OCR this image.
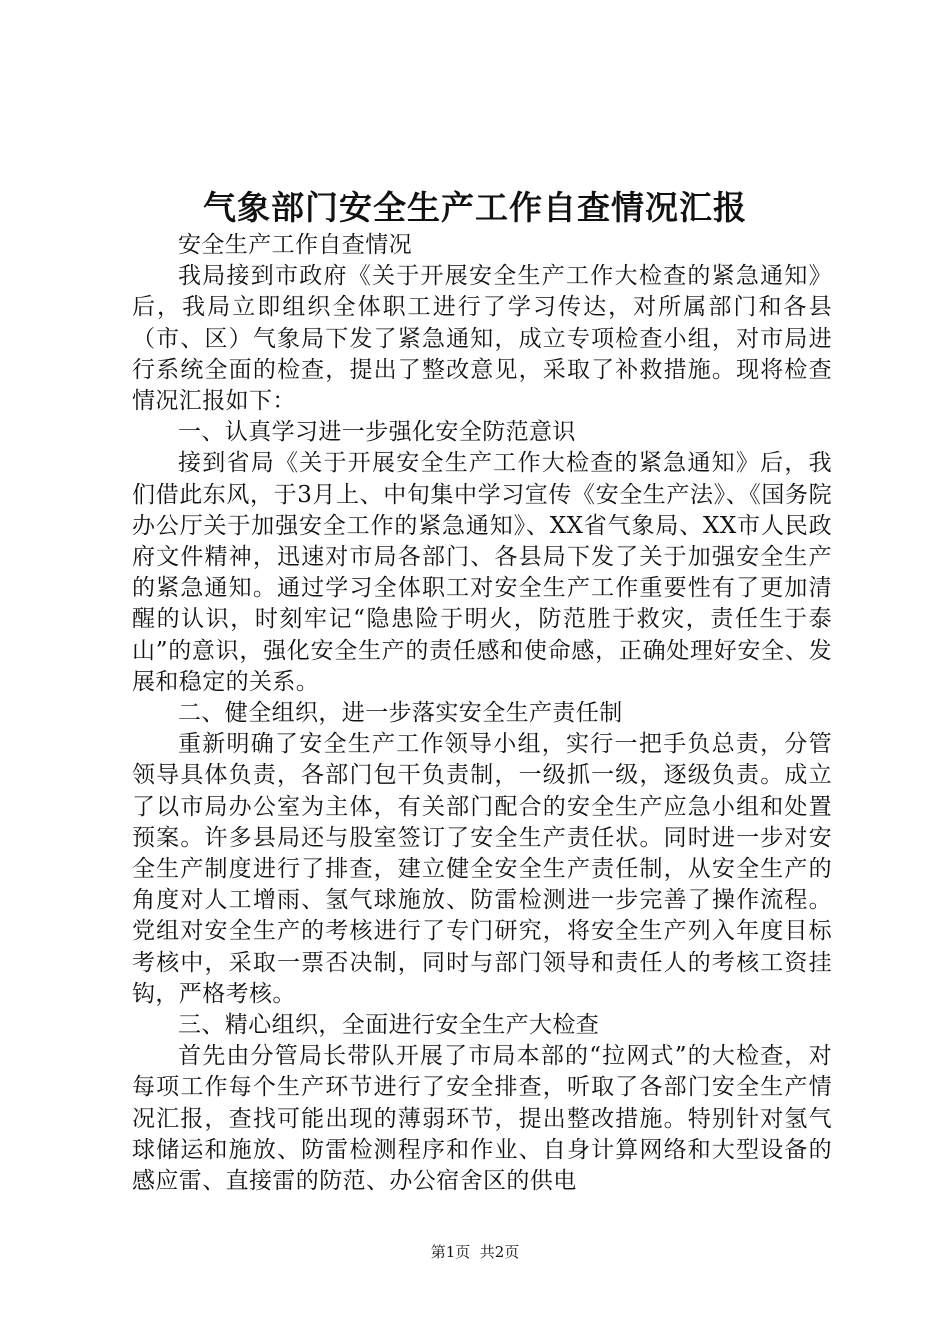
气象部门安全生产工作自查情况汇报

安全生产工作自查情况

我局接到市政府《关于开展安全生产工作大检查的紧急通知》后，我局立即组织全体职工进行了学习传达，对所属部门和各县（市、区）气象局下发了紧急通知，成立专项检查小组，对市局进行系统全面的检查，提出了整改意见，采取了补救措施。现将检查情况汇报如下：

一、认真学习进一步强化安全防范意识

接到省局《关于开展安全生产工作大检查的紧急通知》后，我们借此东风，于3月上、中旬集中学习宣传《安全生产法》、《国务院办公厅关于加强安全工作的紧急通知》、XX省气象局、XX市人民政府文件精神，迅速对市局各部门、各县局下发了关于加强安全生产的紧急通知。通过学习全体职工对安全生产工作重要性有了更加清醒的认识，时刻牢记“隐患险于明火，防范胜于救灾，责任生于泰山”的意识，强化安全生产的责任感和使命感，正确处理好安全、发展和稳定的关系。

二、健全组织，进一步落实安全生产责任制

重新明确了安全生产工作领导小组，实行一把手负总责，分管领导具体负责，各部门包干负责制，一级抓一级，逐级负责。成立了以市局办公室为主体，有关部门配合的安全生产应急小组和处置预案。许多县局还与股室签订了安全生产责任状。同时进一步对安全生产制度进行了排查，建立健全安全生产责任制，从安全生产的角度对人工增雨、氢气球施放、防雷检测进一步完善了操作流程。党组对安全生产的考核进行了专门研究，将安全生产列入年度目标考核中，采取一票否决制，同时与部门领导和责任人的考核工资挂钩，严格考核。

三、精心组织，全面进行安全生产大检查

首先由分管局长带队开展了市局本部的“拉网式”的大检查，对每项工作每个生产环节进行了安全排查，听取了各部门安全生产情况汇报，查找可能出现的薄弱环节，提出整改措施。特别针对氢气球储运和施放、防雷检测程序和作业、自身计算网络和大型设备的感应雷、直接雷的防范、办公宿舍区的供电

第1页  共2页
